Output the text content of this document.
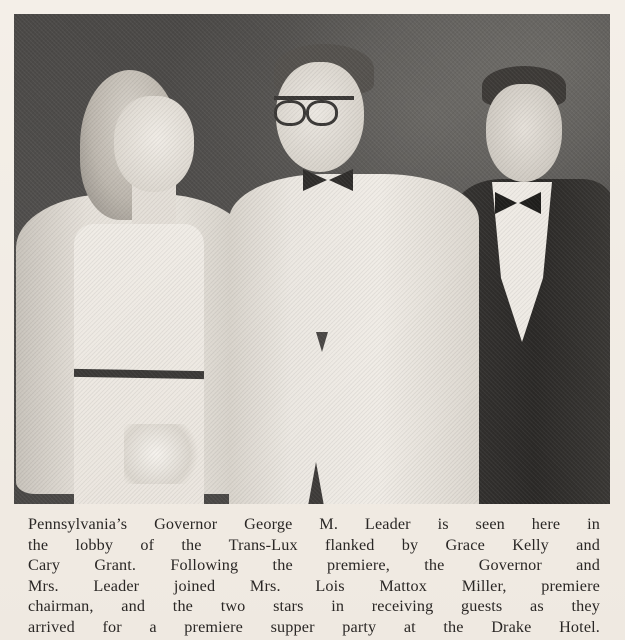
Pennsylvania’s Governor George M. Leader is seen here in
the lobby of the Trans-Lux flanked by Grace Kelly and
Cary Grant. Following the premiere, the Governor and
Mrs. Leader joined Mrs. Lois Mattox Miller, premiere
chairman, and the two stars in receiving guests as they
arrived for a premiere supper party at the Drake Hotel.
